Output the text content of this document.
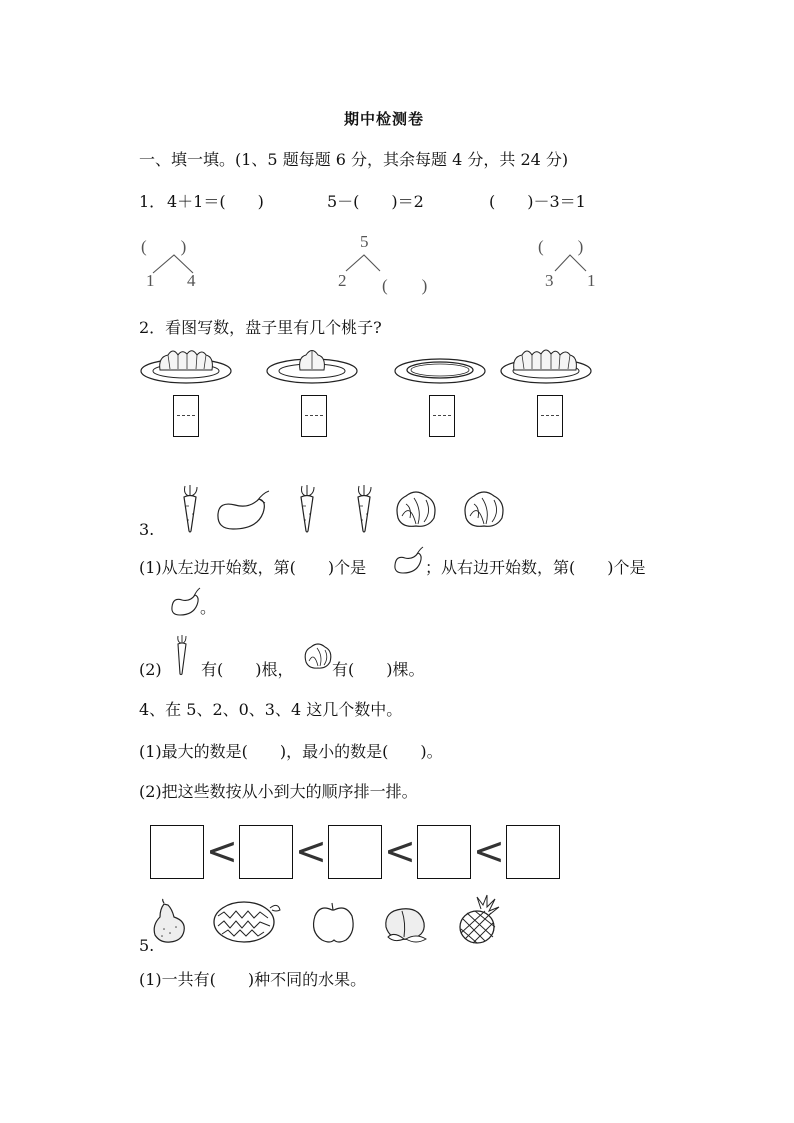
期中检测卷
一、填一填。(1、5 题每题 6 分，其余每题 4 分，共 24 分)
1． 4＋1＝(　　)	5－(　　)＝2	(　　)－3＝1
(　　)
1 4
5
2 (　　)
(　　)
3 1
2．看图写数，盘子里有几个桃子?
3.
(1)从左边开始数，第(　　)个是	；从右边开始数，第(　　)个是
。
(2) 有(　　)根， 有(　　)棵。
4、在 5、2、0、3、4 这几个数中。
(1)最大的数是(　　)，最小的数是(　　)。
(2)把这些数按从小到大的顺序排一排。
< < < <
5.
(1)一共有(　　)种不同的水果。
